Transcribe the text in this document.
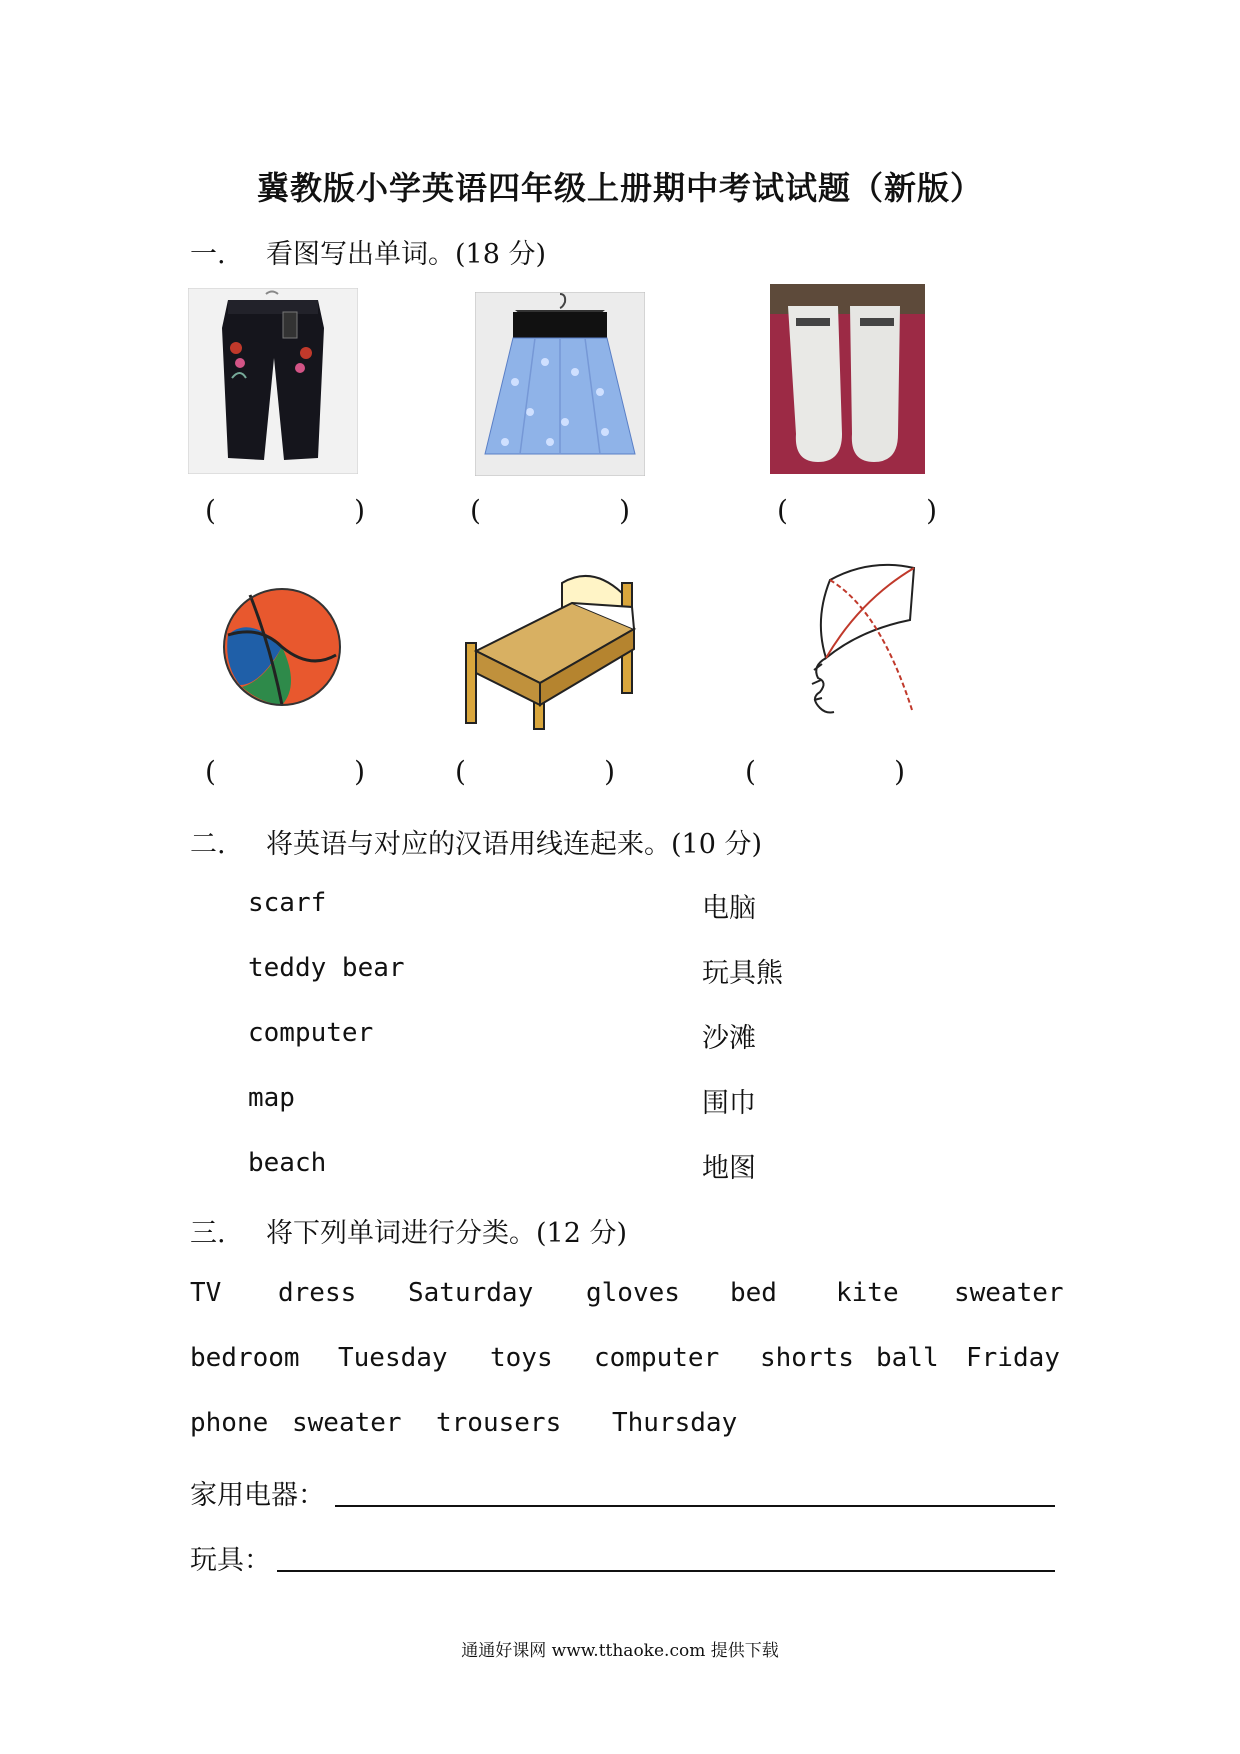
冀教版小学英语四年级上册期中考试试题（新版）
一. 看图写出单词。(18 分)
(	)	(	)	(	)
(	)	(	)	(	)
二. 将英语与对应的汉语用线连起来。(10 分)
scarf
teddy bear
computer
map
beach
电脑
玩具熊
沙滩
围巾
地图
三. 将下列单词进行分类。(12 分)
TV dress Saturday gloves bed kite sweater
bedroom Tuesday toys computer shorts ball Friday
phone sweater trousers Thursday
家用电器：
玩具：
通通好课网 www.tthaoke.com 提供下载
